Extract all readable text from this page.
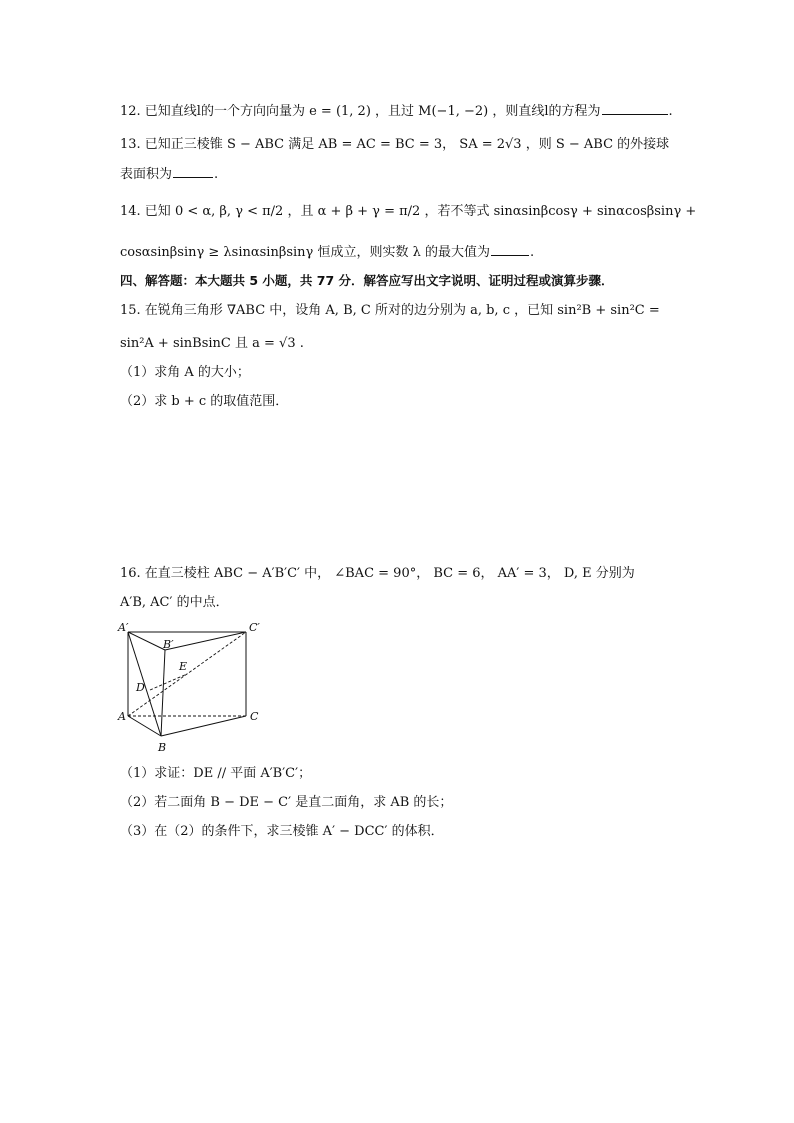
12. 已知直线l的一个方向向量为 e = (1, 2) ，且过 M(−1, −2) ，则直线l的方程为	.
13. 已知正三棱锥 S − ABC 满足 AB = AC = BC = 3， SA = 2√3 ，则 S − ABC 的外接球
表面积为	.
14. 已知 0 < α, β, γ < π/2 ，且 α + β + γ = π/2 ，若不等式 sinαsinβcosγ + sinαcosβsinγ +
cosαsinβsinγ ≥ λsinαsinβsinγ 恒成立，则实数 λ 的最大值为	.
四、解答题：本大题共 5 小题，共 77 分．解答应写出文字说明、证明过程或演算步骤．
15. 在锐角三角形 ∇ABC 中，设角 A, B, C 所对的边分别为 a, b, c ，已知 sin²B + sin²C =
sin²A + sinBsinC 且 a = √3 .
（1）求角 A 的大小；
（2）求 b + c 的取值范围．
16. 在直三棱柱 ABC − A′B′C′ 中， ∠BAC = 90°， BC = 6， AA′ = 3， D, E 分别为
A′B, AC′ 的中点．
A′	C′
B′
E
D
A	C
B
（1）求证：DE // 平面 A′B′C′；
（2）若二面角 B − DE − C′ 是直二面角，求 AB 的长；
（3）在（2）的条件下，求三棱锥 A′ − DCC′ 的体积．
